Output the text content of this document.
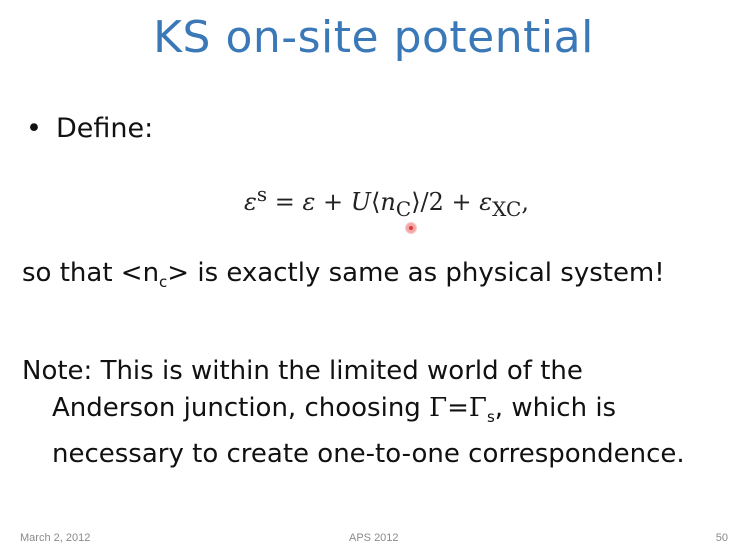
KS on-site potential
• Define:
$\varepsilon^s = \varepsilon$ + $U⟨n_C⟩/2 + \varepsilon_{XC}$,
so that $<n_c>$ is exactly same as physical system!
Note: This is within the limited world of the
Anderson junction, choosing $\Gamma=\Gamma_s$, which is
necessary to create one-to-one correspondence.
March 2, 2012	APS 2012	50
